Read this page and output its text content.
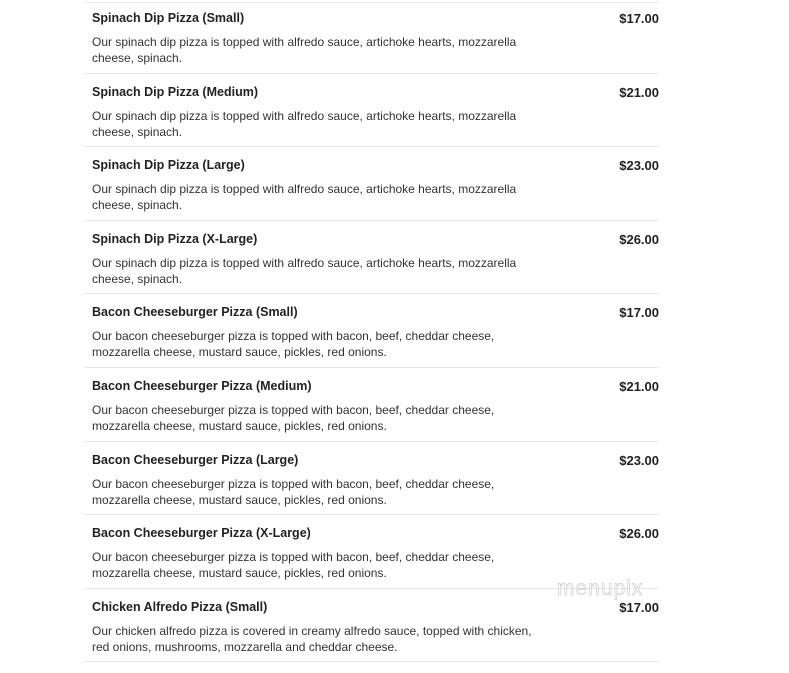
Spinach Dip Pizza (Small)	$17.00
Our spinach dip pizza is topped with alfredo sauce, artichoke hearts, mozzarella cheese, spinach.
Spinach Dip Pizza (Medium)	$21.00
Our spinach dip pizza is topped with alfredo sauce, artichoke hearts, mozzarella cheese, spinach.
Spinach Dip Pizza (Large)	$23.00
Our spinach dip pizza is topped with alfredo sauce, artichoke hearts, mozzarella cheese, spinach.
Spinach Dip Pizza (X-Large)	$26.00
Our spinach dip pizza is topped with alfredo sauce, artichoke hearts, mozzarella cheese, spinach.
Bacon Cheeseburger Pizza (Small)	$17.00
Our bacon cheeseburger pizza is topped with bacon, beef, cheddar cheese, mozzarella cheese, mustard sauce, pickles, red onions.
Bacon Cheeseburger Pizza (Medium)	$21.00
Our bacon cheeseburger pizza is topped with bacon, beef, cheddar cheese, mozzarella cheese, mustard sauce, pickles, red onions.
Bacon Cheeseburger Pizza (Large)	$23.00
Our bacon cheeseburger pizza is topped with bacon, beef, cheddar cheese, mozzarella cheese, mustard sauce, pickles, red onions.
Bacon Cheeseburger Pizza (X-Large)	$26.00
Our bacon cheeseburger pizza is topped with bacon, beef, cheddar cheese, mozzarella cheese, mustard sauce, pickles, red onions.
Chicken Alfredo Pizza (Small)	$17.00
Our chicken alfredo pizza is covered in creamy alfredo sauce, topped with chicken, red onions, mushrooms, mozzarella and cheddar cheese.
menupix
